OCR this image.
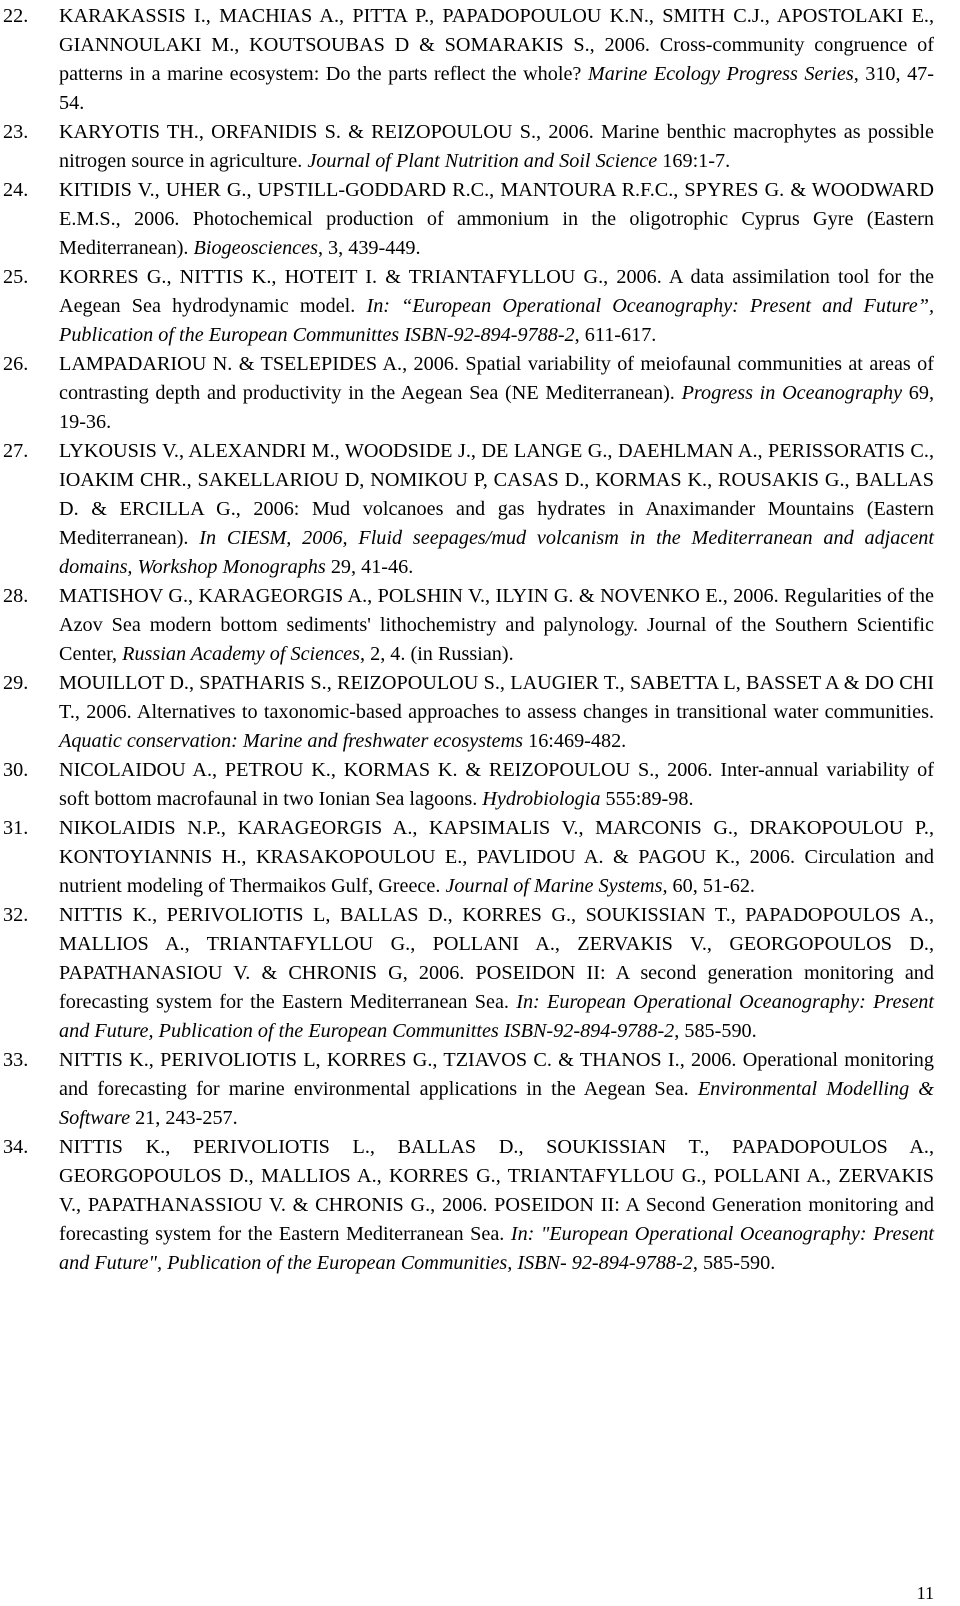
22.	KARAKASSIS I., MACHIAS A., PITTA P., PAPADOPOULOU K.N., SMITH C.J., APOSTOLAKI E., GIANNOULAKI M., KOUTSOUBAS D & SOMARAKIS S., 2006. Cross-community congruence of patterns in a marine ecosystem: Do the parts reflect the whole? Marine Ecology Progress Series, 310, 47-54.
23.	KARYOTIS TH., ORFANIDIS S. & REIZOPOULOU S., 2006. Marine benthic macrophytes as possible nitrogen source in agriculture. Journal of Plant Nutrition and Soil Science 169:1-7.
24.	KITIDIS V., UHER G., UPSTILL-GODDARD R.C., MANTOURA R.F.C., SPYRES G. & WOODWARD E.M.S., 2006. Photochemical production of ammonium in the oligotrophic Cyprus Gyre (Eastern Mediterranean). Biogeosciences, 3, 439-449.
25.	KORRES G., NITTIS K., HOTEIT I. & TRIANTAFYLLOU G., 2006. A data assimilation tool for the Aegean Sea hydrodynamic model. In: “European Operational Oceanography: Present and Future”, Publication of the European Communittes ISBN-92-894-9788-2, 611-617.
26.	LAMPADARIOU N. & TSELEPIDES A., 2006. Spatial variability of meiofaunal communities at areas of contrasting depth and productivity in the Aegean Sea (NE Mediterranean). Progress in Oceanography 69, 19-36.
27.	LYKOUSIS V., ALEXANDRI M., WOODSIDE J., DE LANGE G., DAEHLMAN A., PERISSORATIS C., IOAKIM CHR., SAKELLARIOU D, NOMIKOU P, CASAS D., KORMAS K., ROUSAKIS G., BALLAS D. & ERCILLA G., 2006: Mud volcanoes and gas hydrates in Anaximander Mountains (Eastern Mediterranean). In CIESM, 2006, Fluid seepages/mud volcanism in the Mediterranean and adjacent domains, Workshop Monographs 29, 41-46.
28.	MATISHOV G., KARAGEORGIS A., POLSHIN V., ILYIN G. & NOVENKO E., 2006. Regularities of the Azov Sea modern bottom sediments' lithochemistry and palynology. Journal of the Southern Scientific Center, Russian Academy of Sciences, 2, 4. (in Russian).
29.	MOUILLOT D., SPATHARIS S., REIZOPOULOU S., LAUGIER T., SABETTA L, BASSET A & DO CHI T., 2006. Alternatives to taxonomic-based approaches to assess changes in transitional water communities. Aquatic conservation: Marine and freshwater ecosystems 16:469-482.
30.	NICOLAIDOU A., PETROU K., KORMAS K. & REIZOPOULOU S., 2006. Inter-annual variability of soft bottom macrofaunal in two Ionian Sea lagoons. Hydrobiologia 555:89-98.
31.	NIKOLAIDIS N.P., KARAGEORGIS A., KAPSIMALIS V., MARCONIS G., DRAKOPOULOU P., KONTOYIANNIS H., KRASAKOPOULOU E., PAVLIDOU A. & PAGOU K., 2006. Circulation and nutrient modeling of Thermaikos Gulf, Greece. Journal of Marine Systems, 60, 51-62.
32.	NITTIS K., PERIVOLIOTIS L, BALLAS D., KORRES G., SOUKISSIAN T., PAPADOPOULOS A., MALLIOS A., TRIANTAFYLLOU G., POLLANI A., ZERVAKIS V., GEORGOPOULOS D., PAPATHANASIOU V. & CHRONIS G, 2006. POSEIDON II: A second generation monitoring and forecasting system for the Eastern Mediterranean Sea. In: European Operational Oceanography: Present and Future, Publication of the European Communittes ISBN-92-894-9788-2, 585-590.
33.	NITTIS K., PERIVOLIOTIS L, KORRES G., TZIAVOS C. & THANOS I., 2006. Operational monitoring and forecasting for marine environmental applications in the Aegean Sea. Environmental Modelling & Software 21, 243-257.
34.	NITTIS K., PERIVOLIOTIS L., BALLAS D., SOUKISSIAN T., PAPADOPOULOS A., GEORGOPOULOS D., MALLIOS A., KORRES G., TRIANTAFYLLOU G., POLLANI A., ZERVAKIS V., PAPATHANASSIOU V. & CHRONIS G., 2006. POSEIDON II: A Second Generation monitoring and forecasting system for the Eastern Mediterranean Sea. In: "European Operational Oceanography: Present and Future", Publication of the European Communities, ISBN- 92-894-9788-2, 585-590.
11
